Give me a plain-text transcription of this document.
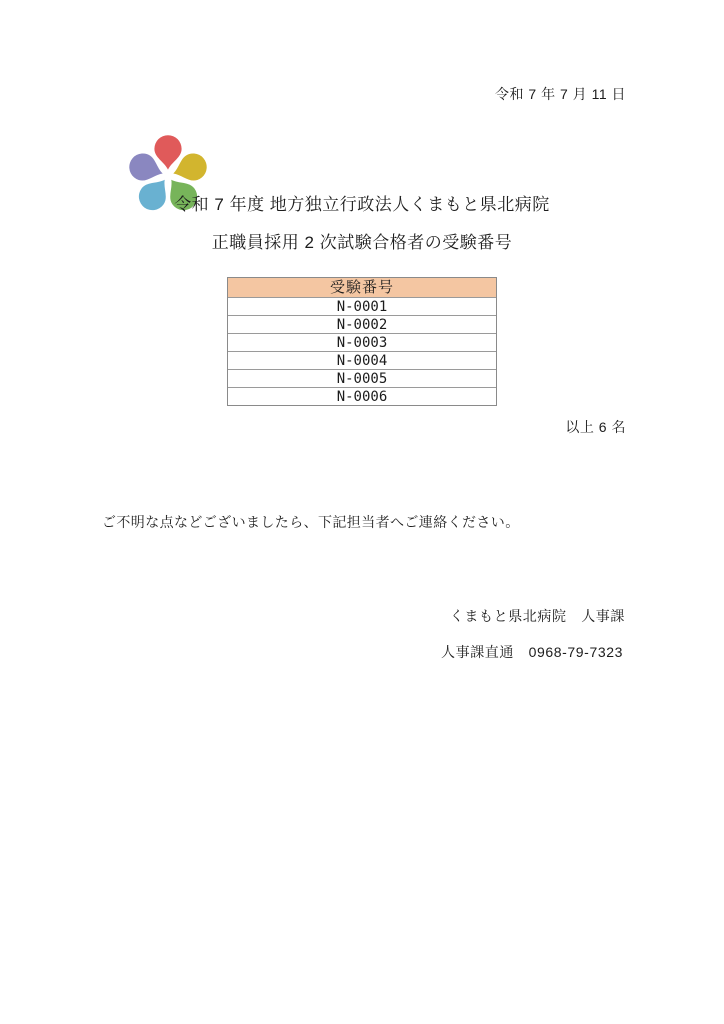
令和 7 年 7 月 11 日

令和 7 年度 地方独立行政法人くまもと県北病院
正職員採用 2 次試験合格者の受験番号
受験番号
N-0001
N-0002
N-0003
N-0004
N-0005
N-0006
以上 6 名
ご不明な点などございましたら、下記担当者へご連絡ください。
くまもと県北病院　人事課
人事課直通　0968-79-7323
